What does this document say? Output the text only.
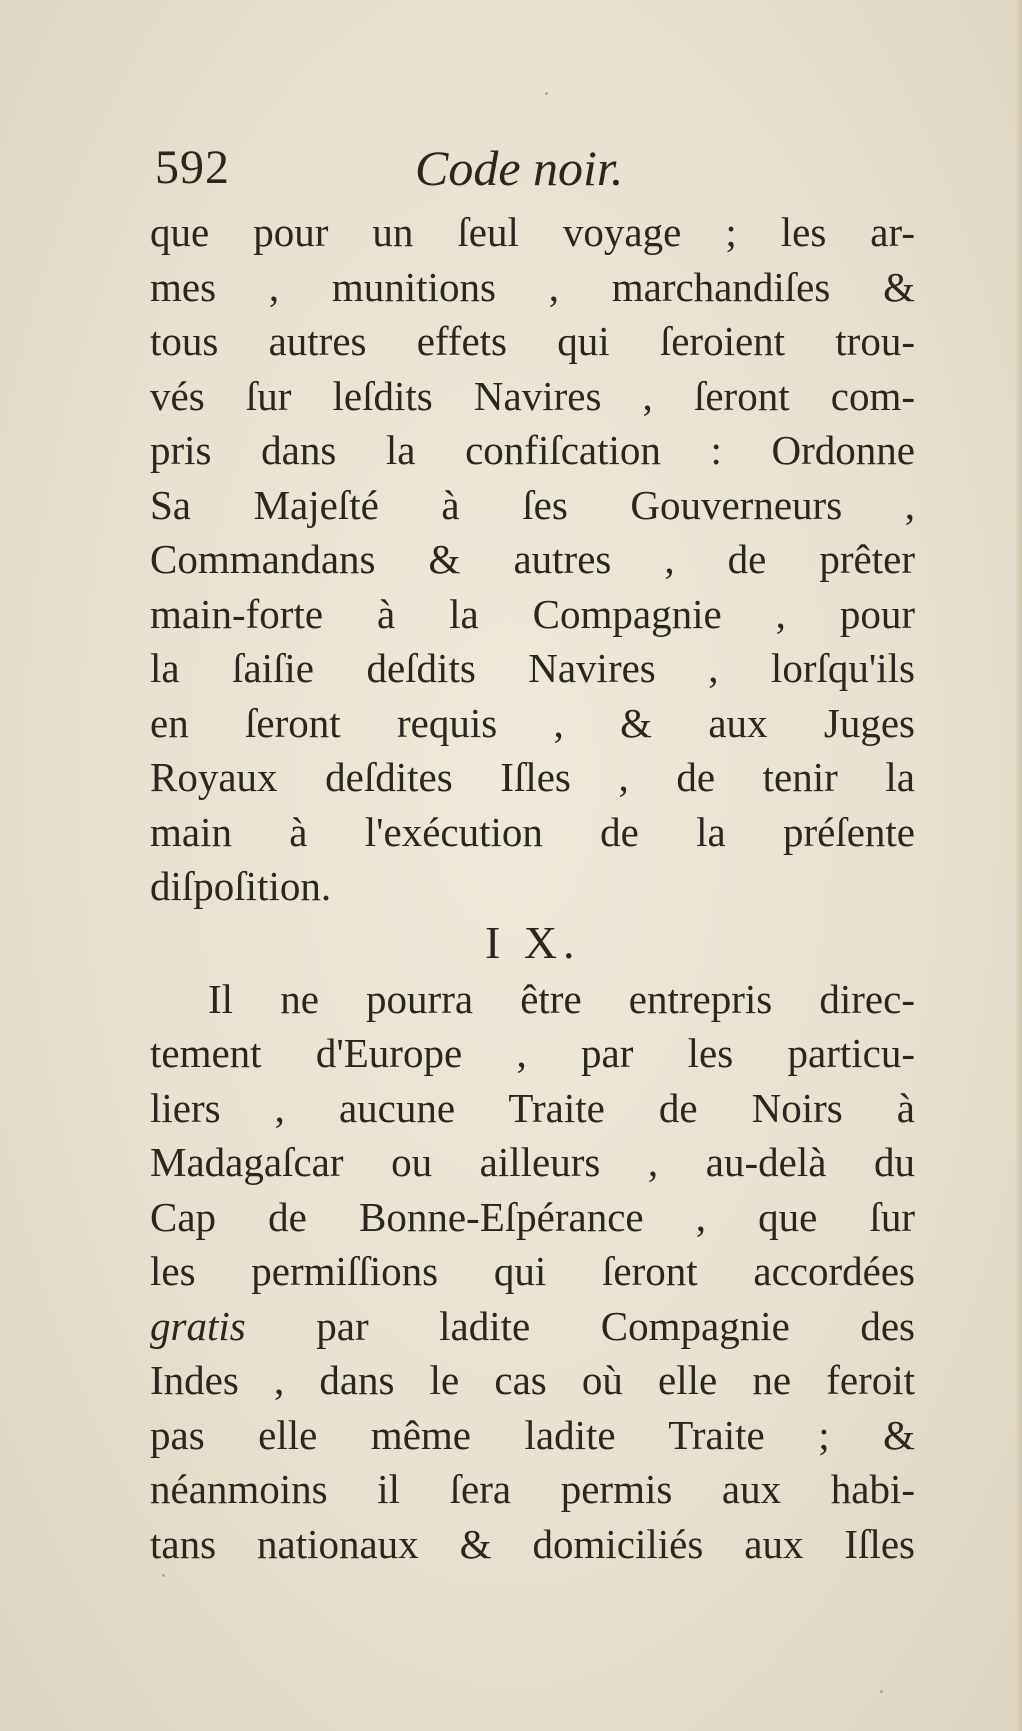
592	Code noir.
que pour un ſeul voyage ; les ar-
mes , munitions , marchandiſes &
tous autres effets qui ſeroient trou-
vés ſur leſdits Navires , ſeront com-
pris dans la confiſcation : Ordonne
Sa Majeſté à ſes Gouverneurs ,
Commandans & autres , de prêter
main-forte à la Compagnie , pour
la ſaiſie deſdits Navires , lorſqu'ils
en ſeront requis , & aux Juges
Royaux deſdites Iſles , de tenir la
main à l'exécution de la préſente
diſpoſition.
I X.
Il ne pourra être entrepris direc-
tement d'Europe , par les particu-
liers , aucune Traite de Noirs à
Madagaſcar ou ailleurs , au-delà du
Cap de Bonne-Eſpérance , que ſur
les permiſſions qui ſeront accordées
gratis par ladite Compagnie des
Indes , dans le cas où elle ne feroit
pas elle même ladite Traite ; &
néanmoins il ſera permis aux habi-
tans nationaux & domiciliés aux Iſles
